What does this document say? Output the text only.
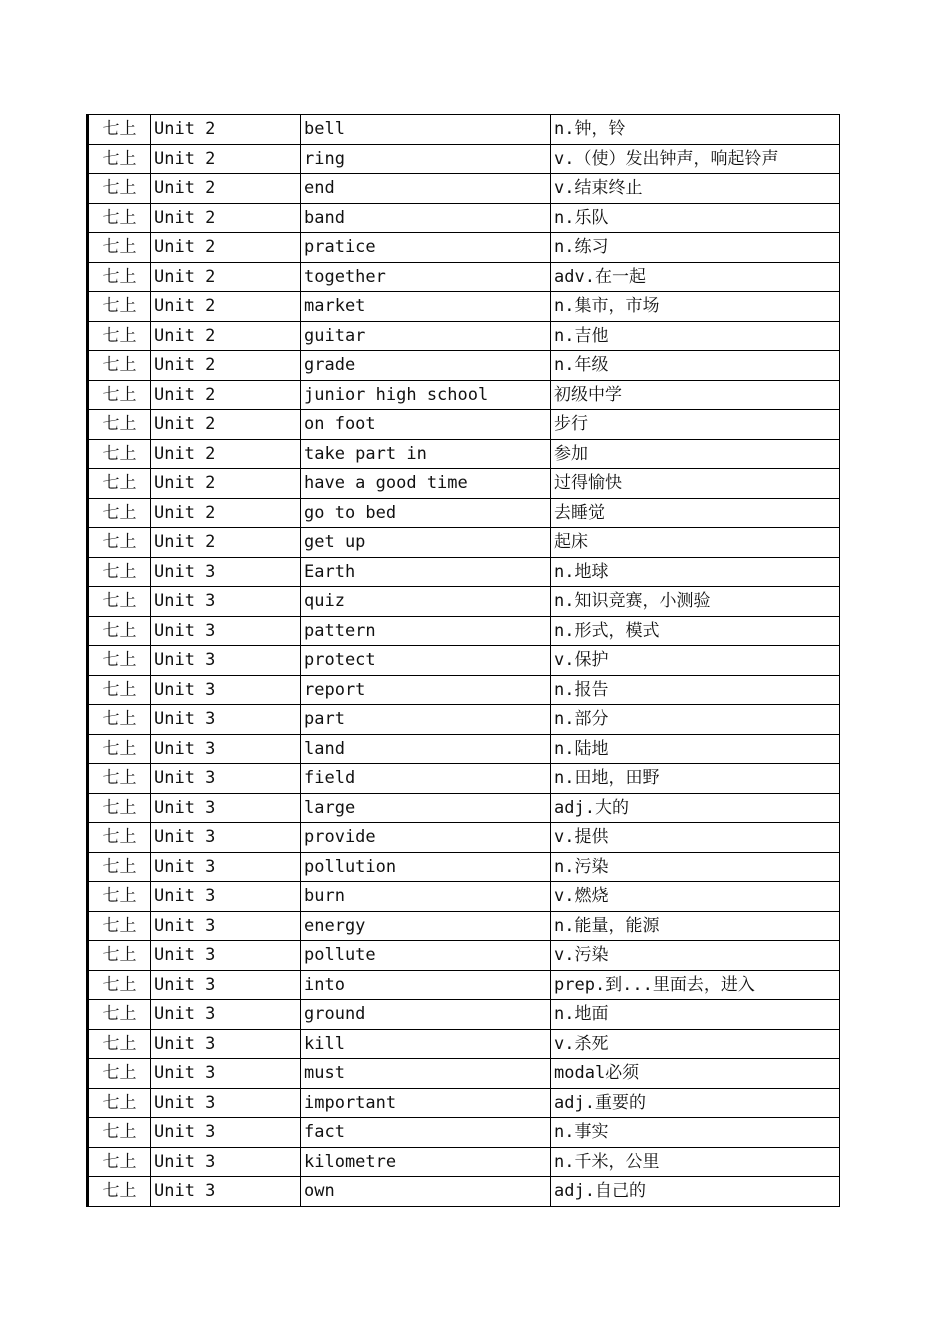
七上	Unit 2	bell	n.钟，铃
七上	Unit 2	ring	v.（使）发出钟声，响起铃声
七上	Unit 2	end	v.结束终止
七上	Unit 2	band	n.乐队
七上	Unit 2	pratice	n.练习
七上	Unit 2	together	adv.在一起
七上	Unit 2	market	n.集市，市场
七上	Unit 2	guitar	n.吉他
七上	Unit 2	grade	n.年级
七上	Unit 2	junior high school	初级中学
七上	Unit 2	on foot	步行
七上	Unit 2	take part in	参加
七上	Unit 2	have a good time	过得愉快
七上	Unit 2	go to bed	去睡觉
七上	Unit 2	get up	起床
七上	Unit 3	Earth	n.地球
七上	Unit 3	quiz	n.知识竞赛，小测验
七上	Unit 3	pattern	n.形式，模式
七上	Unit 3	protect	v.保护
七上	Unit 3	report	n.报告
七上	Unit 3	part	n.部分
七上	Unit 3	land	n.陆地
七上	Unit 3	field	n.田地，田野
七上	Unit 3	large	adj.大的
七上	Unit 3	provide	v.提供
七上	Unit 3	pollution	n.污染
七上	Unit 3	burn	v.燃烧
七上	Unit 3	energy	n.能量，能源
七上	Unit 3	pollute	v.污染
七上	Unit 3	into	prep.到...里面去，进入
七上	Unit 3	ground	n.地面
七上	Unit 3	kill	v.杀死
七上	Unit 3	must	modal必须
七上	Unit 3	important	adj.重要的
七上	Unit 3	fact	n.事实
七上	Unit 3	kilometre	n.千米，公里
七上	Unit 3	own	adj.自己的
